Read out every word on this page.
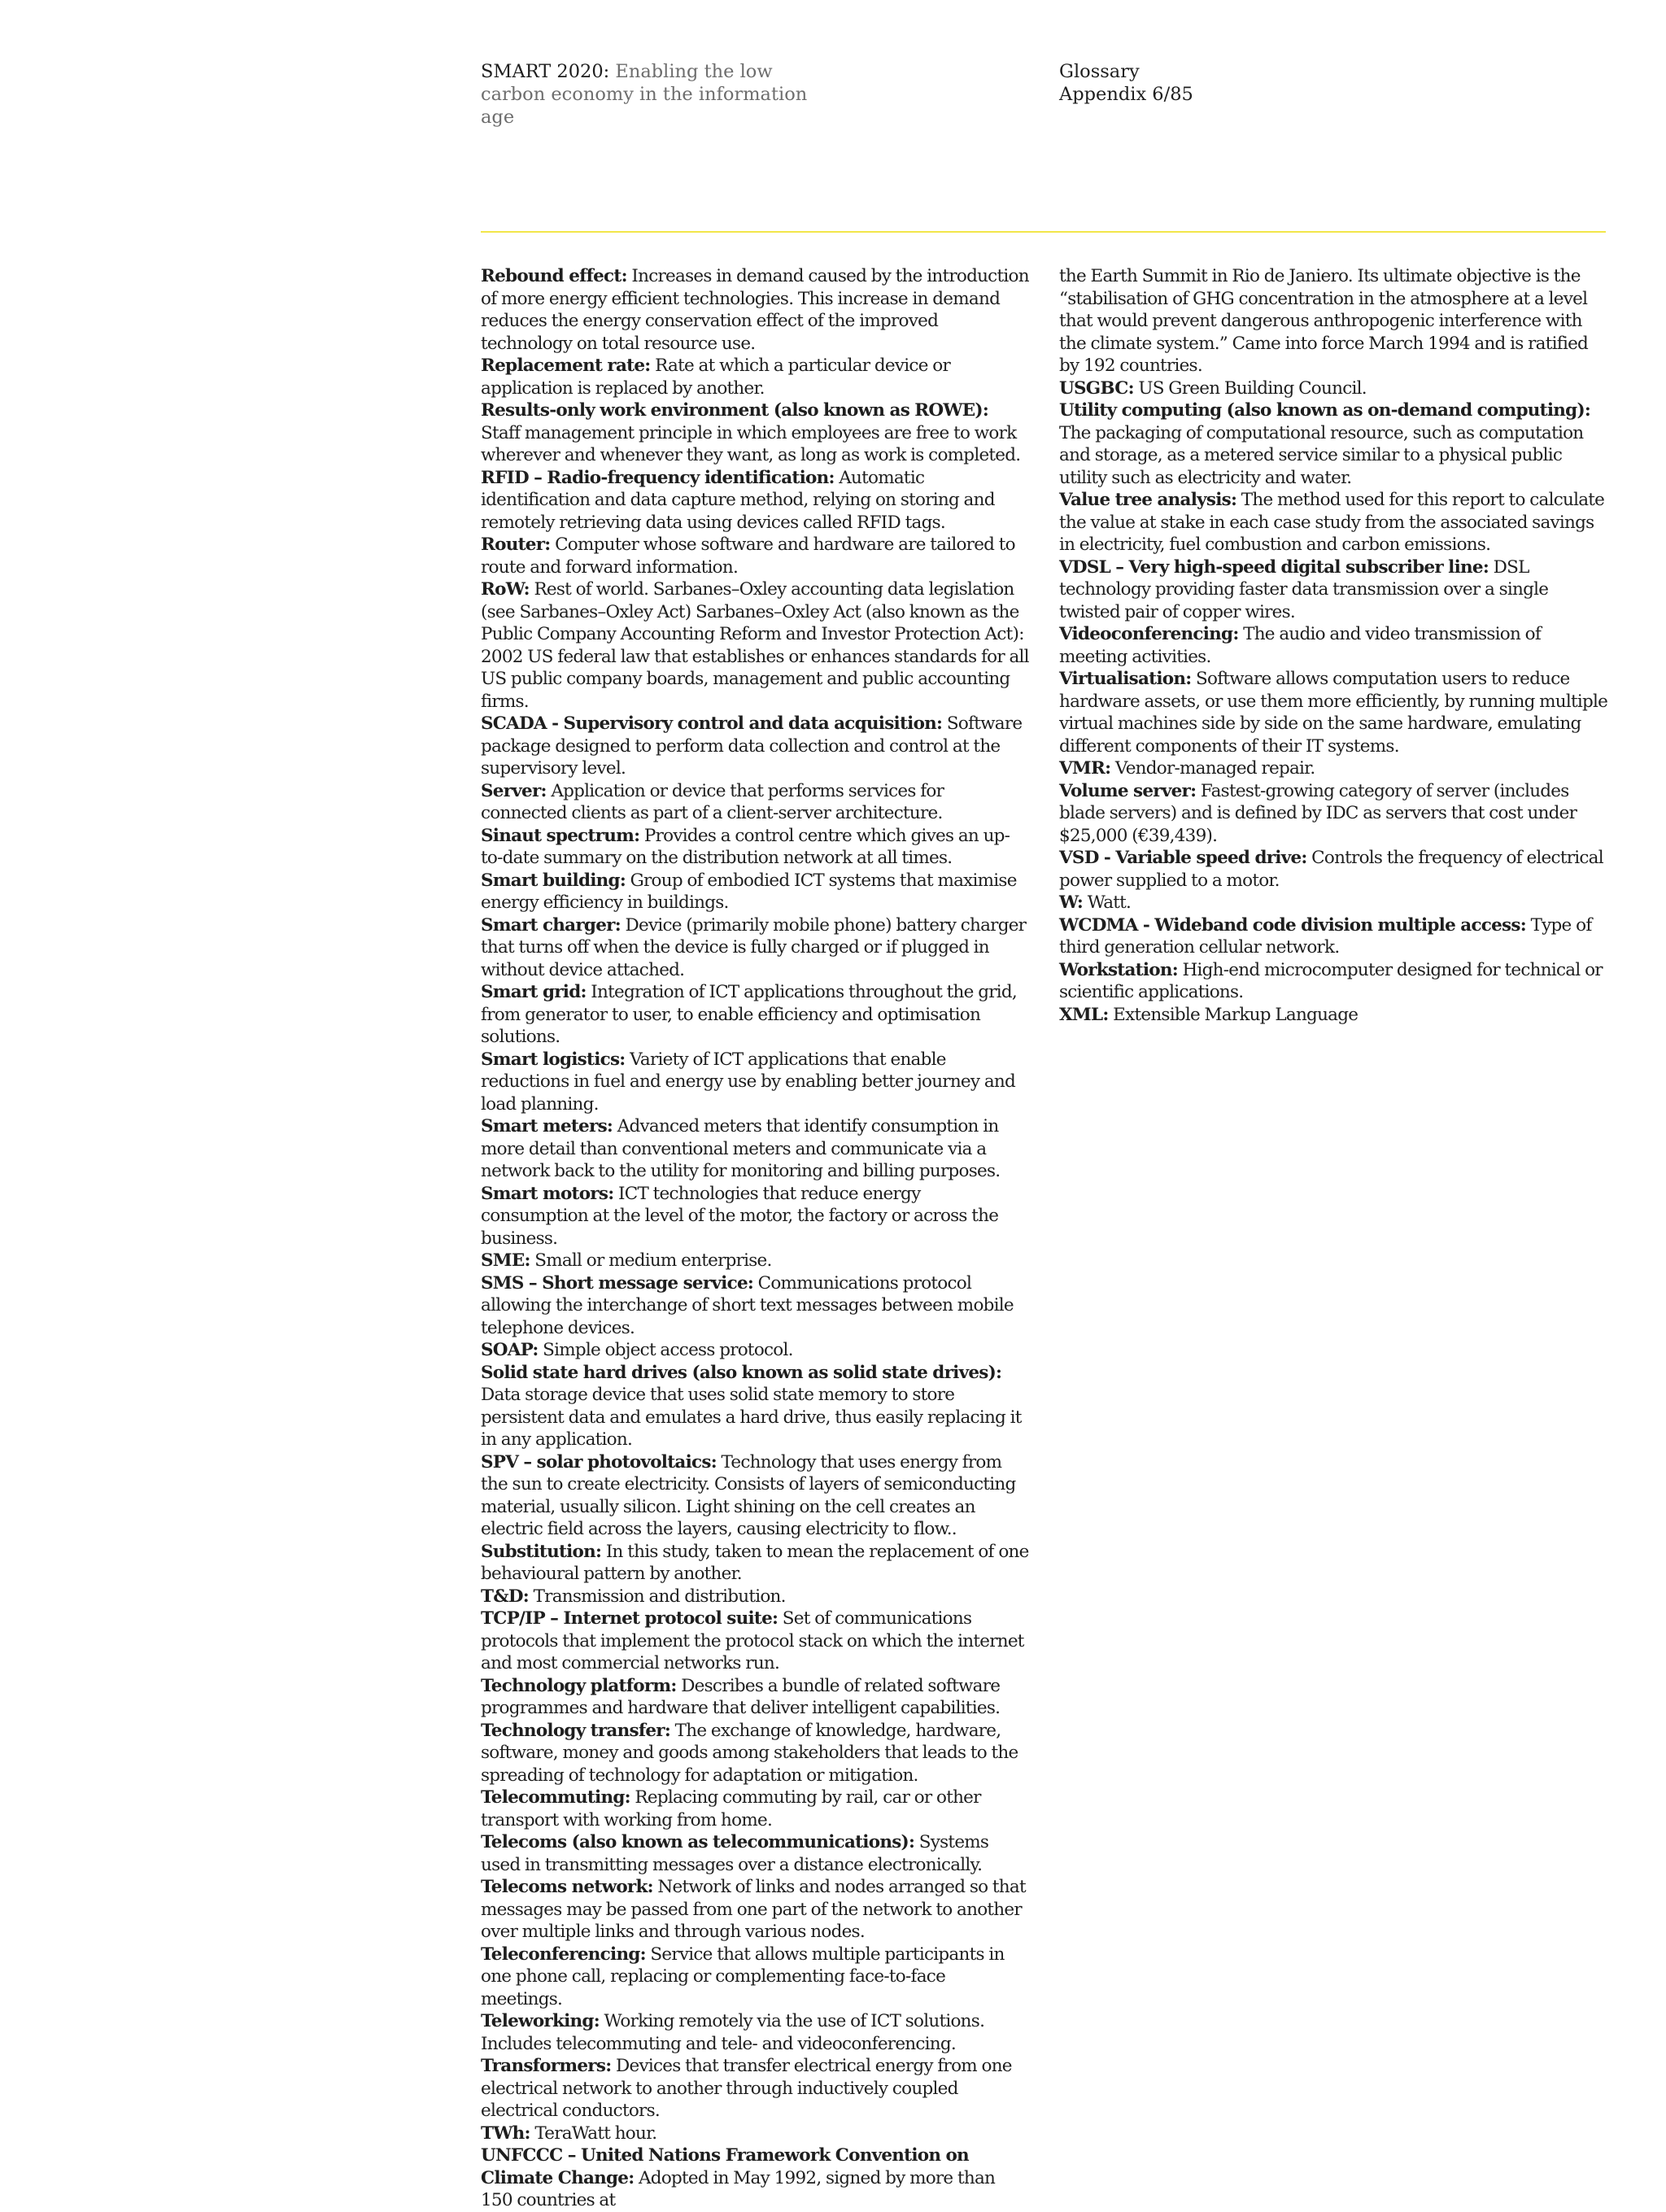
SMART 2020: Enabling the low carbon economy in the information age
Glossary
Appendix 6/85

Rebound effect: Increases in demand caused by the introduction of more energy efficient technologies. This increase in demand reduces the energy conservation effect of the improved technology on total resource use.

Replacement rate: Rate at which a particular device or application is replaced by another.

Results-only work environment (also known as ROWE): Staff management principle in which employees are free to work wherever and whenever they want, as long as work is completed.

RFID – Radio-frequency identification: Automatic identification and data capture method, relying on storing and remotely retrieving data using devices called RFID tags.

Router: Computer whose software and hardware are tailored to route and forward information.

RoW: Rest of world. Sarbanes–Oxley accounting data legislation (see Sarbanes–Oxley Act) Sarbanes–Oxley Act (also known as the Public Company Accounting Reform and Investor Protection Act): 2002 US federal law that establishes or enhances standards for all US public company boards, management and public accounting firms.

SCADA - Supervisory control and data acquisition: Software package designed to perform data collection and control at the supervisory level.

Server: Application or device that performs services for connected clients as part of a client-server architecture.

Sinaut spectrum: Provides a control centre which gives an up-to-date summary on the distribution network at all times.

Smart building: Group of embodied ICT systems that maximise energy efficiency in buildings.

Smart charger: Device (primarily mobile phone) battery charger that turns off when the device is fully charged or if plugged in without device attached.

Smart grid: Integration of ICT applications throughout the grid, from generator to user, to enable efficiency and optimisation solutions.

Smart logistics: Variety of ICT applications that enable reductions in fuel and energy use by enabling better journey and load planning.

Smart meters: Advanced meters that identify consumption in more detail than conventional meters and communicate via a network back to the utility for monitoring and billing purposes.

Smart motors: ICT technologies that reduce energy consumption at the level of the motor, the factory or across the business.

SME: Small or medium enterprise.

SMS – Short message service: Communications protocol allowing the interchange of short text messages between mobile telephone devices.

SOAP: Simple object access protocol.

Solid state hard drives (also known as solid state drives): Data storage device that uses solid state memory to store persistent data and emulates a hard drive, thus easily replacing it in any application.

SPV – solar photovoltaics: Technology that uses energy from the sun to create electricity. Consists of layers of semiconducting material, usually silicon. Light shining on the cell creates an electric field across the layers, causing electricity to flow..

Substitution: In this study, taken to mean the replacement of one behavioural pattern by another.

T&D: Transmission and distribution.

TCP/IP – Internet protocol suite: Set of communications protocols that implement the protocol stack on which the internet and most commercial networks run.

Technology platform: Describes a bundle of related software programmes and hardware that deliver intelligent capabilities.

Technology transfer: The exchange of knowledge, hardware, software, money and goods among stakeholders that leads to the spreading of technology for adaptation or mitigation.

Telecommuting: Replacing commuting by rail, car or other transport with working from home.

Telecoms (also known as telecommunications): Systems used in transmitting messages over a distance electronically.

Telecoms network: Network of links and nodes arranged so that messages may be passed from one part of the network to another over multiple links and through various nodes.

Teleconferencing: Service that allows multiple participants in one phone call, replacing or complementing face-to-face meetings.

Teleworking: Working remotely via the use of ICT solutions. Includes telecommuting and tele- and videoconferencing.

Transformers: Devices that transfer electrical energy from one electrical network to another through inductively coupled electrical conductors.

TWh: TeraWatt hour.

UNFCCC – United Nations Framework Convention on Climate Change: Adopted in May 1992, signed by more than 150 countries at

the Earth Summit in Rio de Janiero. Its ultimate objective is the “stabilisation of GHG concentration in the atmosphere at a level that would prevent dangerous anthropogenic interference with the climate system.” Came into force March 1994 and is ratified by 192 countries.

USGBC: US Green Building Council.

Utility computing (also known as on-demand computing): The packaging of computational resource, such as computation and storage, as a metered service similar to a physical public utility such as electricity and water.

Value tree analysis: The method used for this report to calculate the value at stake in each case study from the associated savings in electricity, fuel combustion and carbon emissions.

VDSL – Very high-speed digital subscriber line: DSL technology providing faster data transmission over a single twisted pair of copper wires.

Videoconferencing: The audio and video transmission of meeting activities.

Virtualisation: Software allows computation users to reduce hardware assets, or use them more efficiently, by running multiple virtual machines side by side on the same hardware, emulating different components of their IT systems.

VMR: Vendor-managed repair.

Volume server: Fastest-growing category of server (includes blade servers) and is defined by IDC as servers that cost under $25,000 (€39,439).

VSD - Variable speed drive: Controls the frequency of electrical power supplied to a motor.

W: Watt.

WCDMA - Wideband code division multiple access: Type of third generation cellular network.

Workstation: High-end microcomputer designed for technical or scientific applications.

XML: Extensible Markup Language
